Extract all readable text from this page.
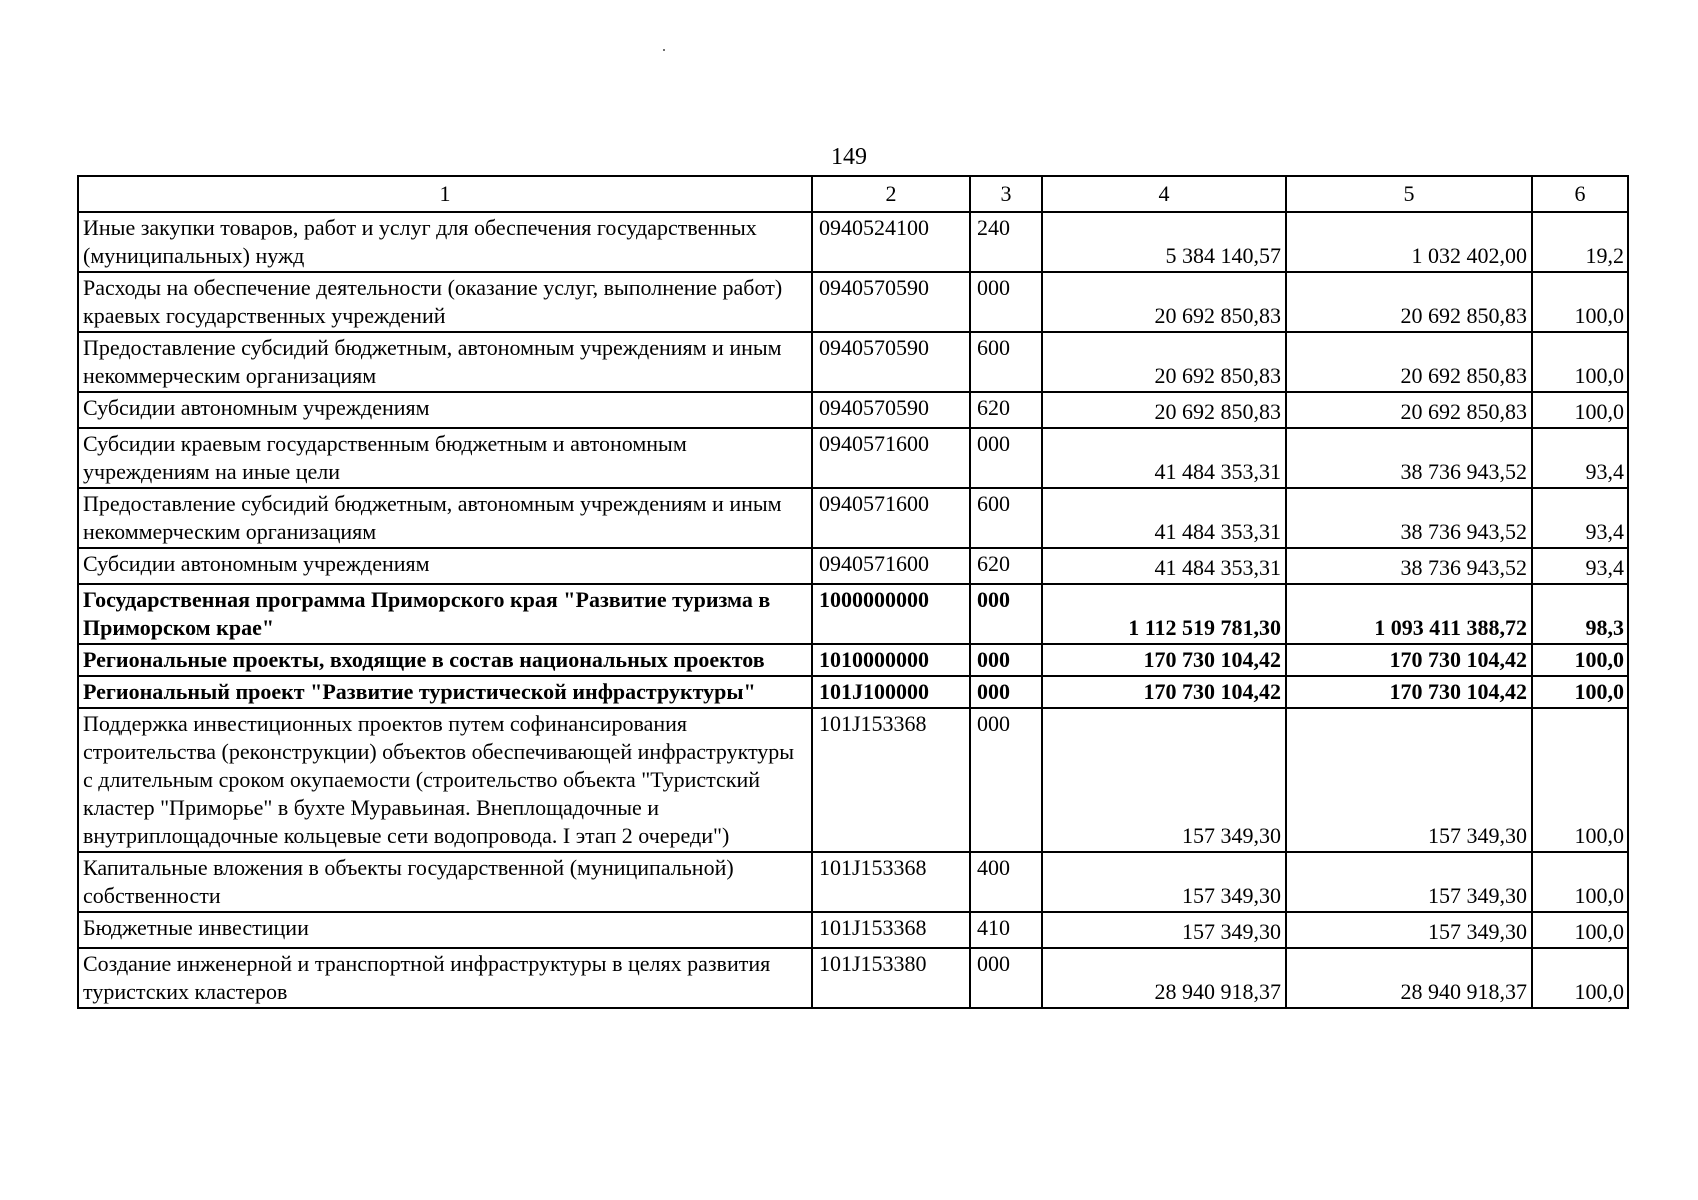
149
1	2	3	4	5	6
Иные закупки товаров, работ и услуг для обеспечения государственных (муниципальных) нужд	0940524100	240	5 384 140,57	1 032 402,00	19,2
Расходы на обеспечение деятельности (оказание услуг, выполнение работ) краевых государственных учреждений	0940570590	000	20 692 850,83	20 692 850,83	100,0
Предоставление субсидий бюджетным, автономным учреждениям и иным некоммерческим организациям	0940570590	600	20 692 850,83	20 692 850,83	100,0
Субсидии автономным учреждениям	0940570590	620	20 692 850,83	20 692 850,83	100,0
Субсидии краевым государственным бюджетным и автономным учреждениям на иные цели	0940571600	000	41 484 353,31	38 736 943,52	93,4
Предоставление субсидий бюджетным, автономным учреждениям и иным некоммерческим организациям	0940571600	600	41 484 353,31	38 736 943,52	93,4
Субсидии автономным учреждениям	0940571600	620	41 484 353,31	38 736 943,52	93,4
Государственная программа Приморского края "Развитие туризма в Приморском крае"	1000000000	000	1 112 519 781,30	1 093 411 388,72	98,3
Региональные проекты, входящие в состав национальных проектов	1010000000	000	170 730 104,42	170 730 104,42	100,0
Региональный проект "Развитие туристической инфраструктуры"	101J100000	000	170 730 104,42	170 730 104,42	100,0
Поддержка инвестиционных проектов путем софинансирования строительства (реконструкции) объектов обеспечивающей инфраструктуры с длительным сроком окупаемости (строительство объекта "Туристский кластер "Приморье" в бухте Муравьиная. Внеплощадочные и внутриплощадочные кольцевые сети водопровода. I этап 2 очереди")	101J153368	000	157 349,30	157 349,30	100,0
Капитальные вложения в объекты государственной (муниципальной) собственности	101J153368	400	157 349,30	157 349,30	100,0
Бюджетные инвестиции	101J153368	410	157 349,30	157 349,30	100,0
Создание инженерной и транспортной инфраструктуры в целях развития туристских кластеров	101J153380	000	28 940 918,37	28 940 918,37	100,0
